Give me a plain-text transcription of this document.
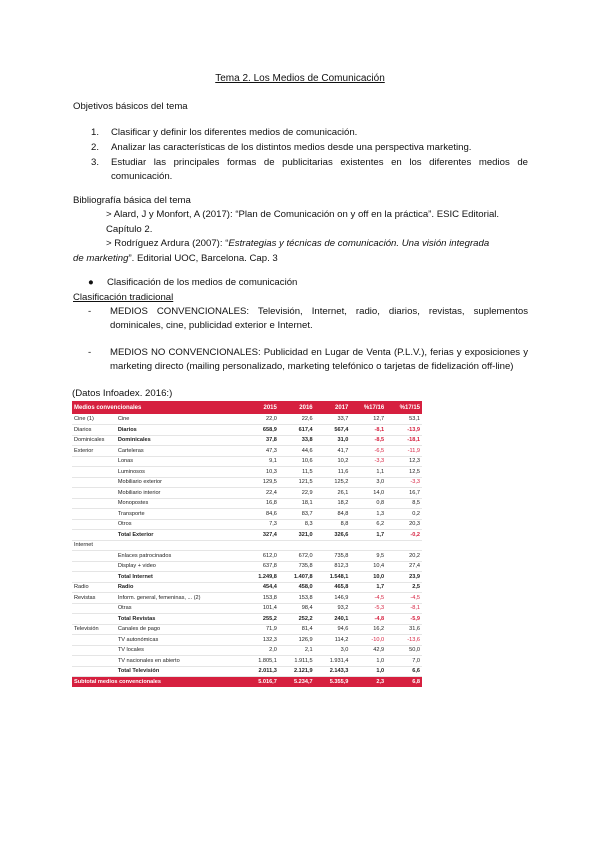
Tema 2. Los Medios de Comunicación
Objetivos básicos del tema
1.	Clasificar y definir los diferentes medios de comunicación.
2.	Analizar las características de los distintos medios desde una perspectiva marketing.
3.	Estudiar las principales formas de publicitarias existentes en los diferentes medios de comunicación.
Bibliografía básica del tema
> Alard, J y Monfort, A (2017): “Plan de Comunicación on y off en la práctica”. ESIC Editorial.
Capítulo 2.
> Rodríguez Ardura (2007): “Estrategias y técnicas de comunicación. Una visión integrada
de marketing”. Editorial UOC, Barcelona. Cap. 3
● Clasificación de los medios de comunicación
Clasificación tradicional
-	MEDIOS CONVENCIONALES: Televisión, Internet, radio, diarios, revistas, suplementos dominicales, cine, publicidad exterior e Internet.
-	MEDIOS NO CONVENCIONALES: Publicidad en Lugar de Venta (P.L.V.), ferias y exposiciones y marketing directo (mailing personalizado, marketing telefónico o tarjetas de fidelización off-line)
(Datos Infoadex. 2016:)
Medios convencionales		2015	2016	2017	%17/16	%17/15
Cine (1)	Cine	22,0	22,6	33,7	12,7	53,1
Diarios	Diarios	658,9	617,4	567,4	-8,1	-13,9
Dominicales	Dominicales	37,8	33,8	31,0	-8,5	-18,1
Exterior	Carteleras	47,3	44,6	41,7	-6,5	-11,9
	Lonas	9,1	10,6	10,2	-3,3	12,3
	Luminosos	10,3	11,5	11,6	1,1	12,5
	Mobiliario exterior	129,5	121,5	125,2	3,0	-3,3
	Mobiliario interior	22,4	22,9	26,1	14,0	16,7
	Monopostes	16,8	18,1	18,2	0,8	8,5
	Transporte	84,6	83,7	84,8	1,3	0,2
	Otros	7,3	8,3	8,8	6,2	20,3
	Total Exterior	327,4	321,0	326,6	1,7	-0,2
Internet						
	Enlaces patrocinados	612,0	672,0	735,8	9,5	20,2
	Display + video	637,8	735,8	812,3	10,4	27,4
	Total Internet	1.249,8	1.407,8	1.548,1	10,0	23,9
Radio	Radio	454,4	458,0	465,8	1,7	2,5
Revistas	Inform. general, femeninas, ... (2)	153,8	153,8	146,9	-4,5	-4,5
	Otras	101,4	98,4	93,2	-5,3	-8,1
	Total Revistas	255,2	252,2	240,1	-4,8	-5,9
Televisión	Canales de pago	71,9	81,4	94,6	16,2	31,6
	TV autonómicas	132,3	126,9	114,2	-10,0	-13,6
	TV locales	2,0	2,1	3,0	42,9	50,0
	TV nacionales en abierto	1.805,1	1.911,5	1.931,4	1,0	7,0
	Total Televisión	2.011,3	2.121,9	2.143,3	1,0	6,6
Subtotal medios convencionales		5.016,7	5.234,7	5.355,9	2,3	6,8
